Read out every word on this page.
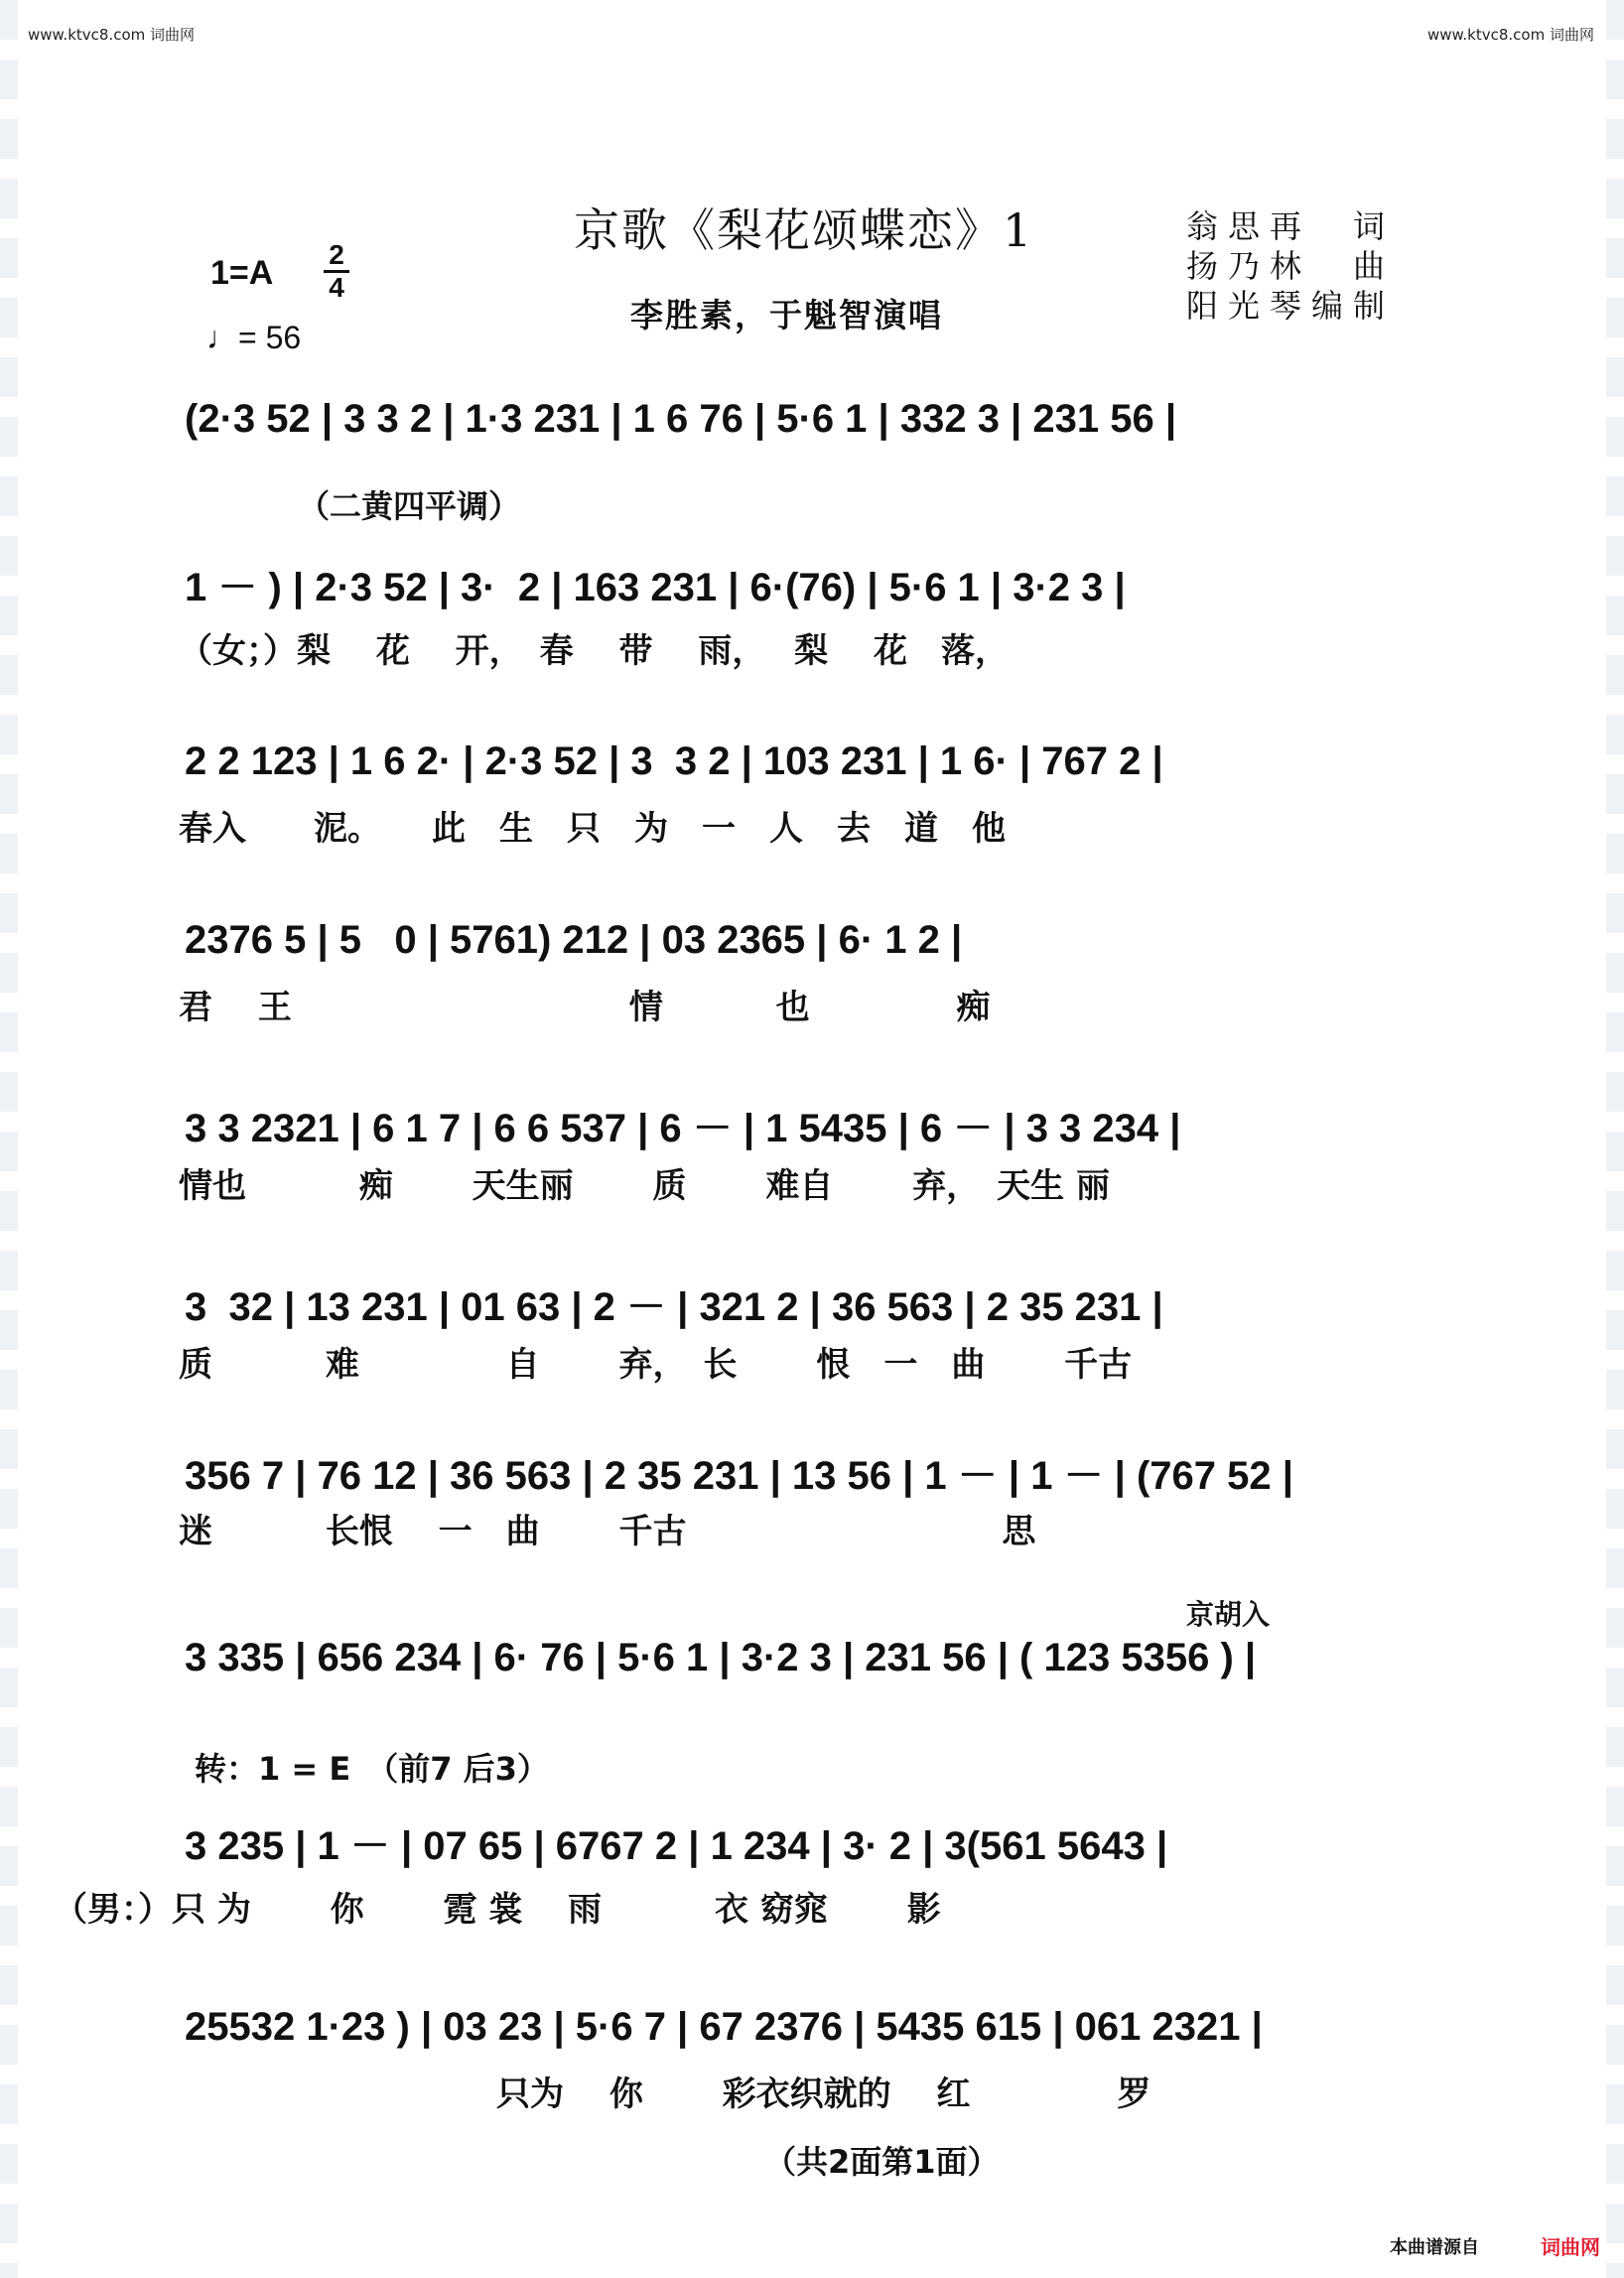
www.ktvc8.com 词曲网	www.ktvc8.com 词曲网
京歌《梨花颂蝶恋》1	翁思再　词
扬乃林　曲
阳光琴编制
1=A 2
4
♩= 56
李胜素，于魁智演唱
(2·3 52 | 3 3 2 | 1·3 231 | 1 6 76 | 5·6 1 | 332 3 | 231 56 |
（二黄四平调）
1 － ) | 2·3 52 | 3·  2 | 163 231 | 6·(76) | 5·6 1 | 3·2 3 |
（女；）梨　 花　 开，　春　 带　 雨，　 梨　 花　落，
2 2 123 | 1 6 2· | 2·3 52 | 3  3 2 | 103 231 | 1 6· | 767 2 |
春入　　泥。　　此　生　只　为　一　人　去　道　他
2376 5 | 5   0 | 5761) 212 | 03 2365 | 6· 1 2 |
君　 王　　　　　　　　　　情　　　 也　　　　 痴
3 3 2321 | 6 1 7 | 6 6 537 | 6 － | 1 5435 | 6 － | 3 3 234 |
情也　　　 痴　　 天生丽　　 质　　 难自　　 弃，　天生 丽
3  32 | 13 231 | 01 63 | 2 － | 321 2 | 36 563 | 2 35 231 |
质　　　 难　　　　 自　　 弃，　长　　 恨　一　曲　　 千古
356 7 | 76 12 | 36 563 | 2 35 231 | 13 56 | 1 － | 1 － | (767 52 |
迷　　　 长恨　 一　曲　　 千古　　　　　　　　　 思
京胡入
3 335 | 656 234 | 6· 76 | 5·6 1 | 3·2 3 | 231 56 | ( 123 5356 ) |
转：1 = E　（前7 后3）
3 235 | 1 － | 07 65 | 6767 2 | 1 234 | 3· 2 | 3(561 5643 |
（男：）只 为　　 你　　 霓 裳　 雨　　　 衣 窈窕　　 影
25532 1·23 ) | 03 23 | 5·6 7 | 67 2376 | 5435 615 | 061 2321 |
只为　 你　　 彩衣织就的　 红　　　　 罗
（共2面第1面）
本曲谱源自	词曲网
